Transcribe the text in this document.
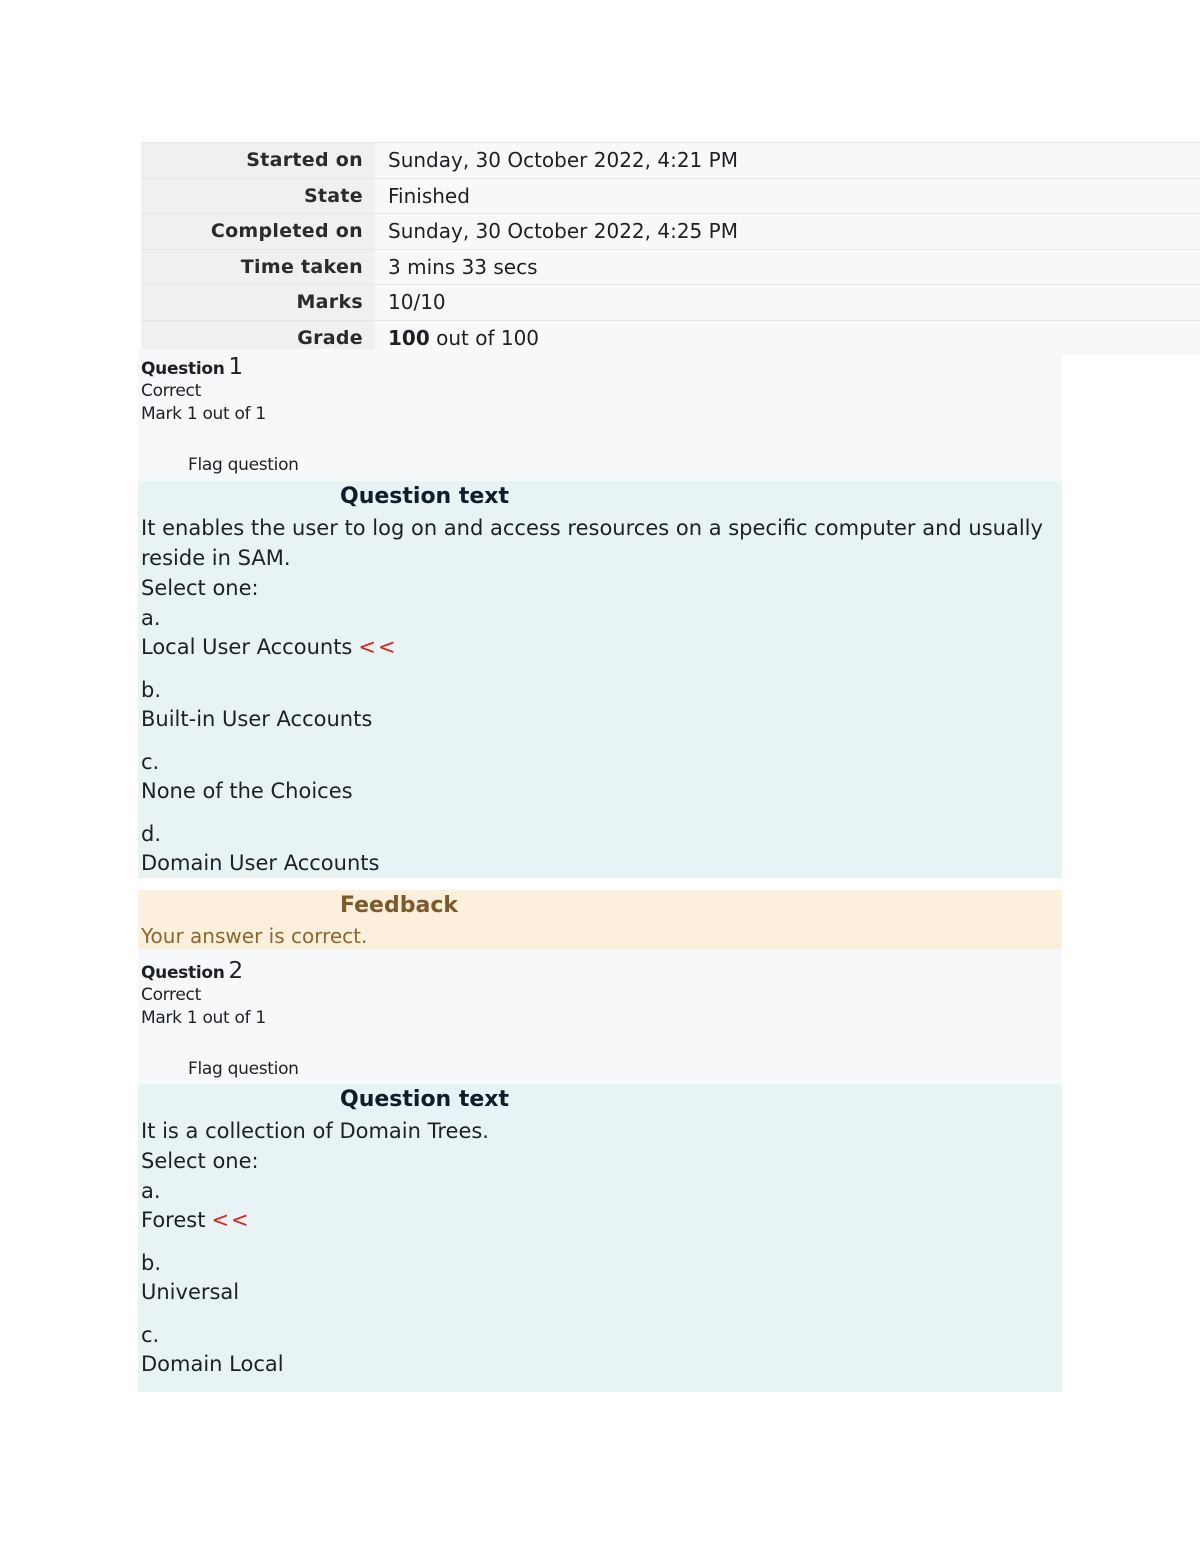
Started on	Sunday, 30 October 2022, 4:21 PM
State	Finished
Completed on	Sunday, 30 October 2022, 4:25 PM
Time taken	3 mins 33 secs
Marks	10/10
Grade	100 out of 100
Question 1
Correct
Mark 1 out of 1
Flag question
Question text
It enables the user to log on and access resources on a specific computer and usually reside in SAM.
Select one:
a.
Local User Accounts <<
b.
Built-in User Accounts
c.
None of the Choices
d.
Domain User Accounts
Feedback
Your answer is correct.
Question 2
Correct
Mark 1 out of 1
Flag question
Question text
It is a collection of Domain Trees.
Select one:
a.
Forest <<
b.
Universal
c.
Domain Local
